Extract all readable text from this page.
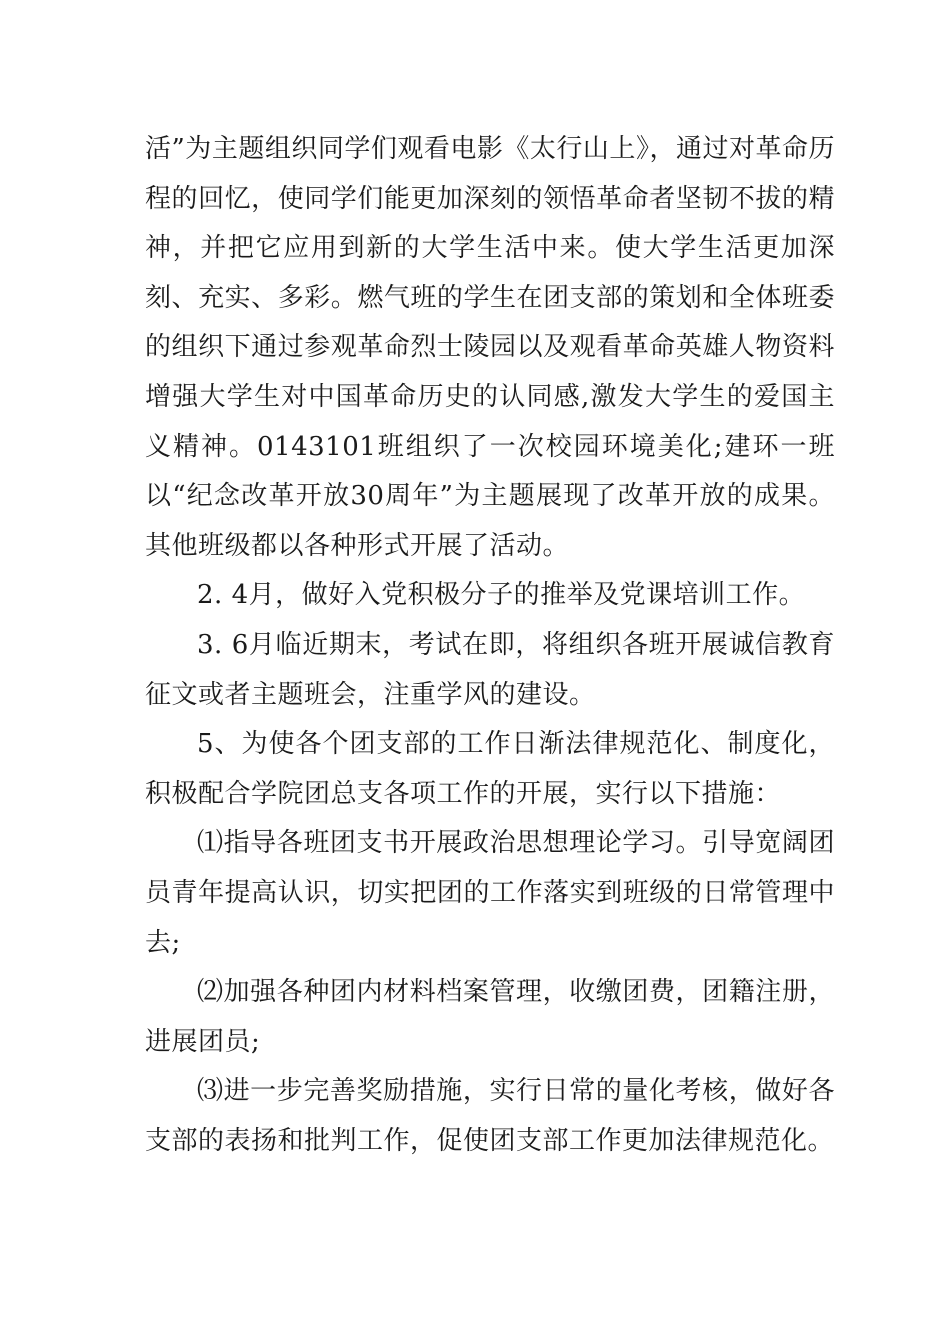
活”为主题组织同学们观看电影《太行山上》，通过对革命历程的回忆，使同学们能更加深刻的领悟革命者坚韧不拔的精神，并把它应用到新的大学生活中来。使大学生活更加深刻、充实、多彩。燃气班的学生在团支部的策划和全体班委的组织下通过参观革命烈士陵园以及观看革命英雄人物资料增强大学生对中国革命历史的认同感,激发大学生的爱国主义精神。0143101班组织了一次校园环境美化;建环一班以“纪念改革开放30周年”为主题展现了改革开放的成果。其他班级都以各种形式开展了活动。

2. 4月，做好入党积极分子的推举及党课培训工作。

3. 6月临近期末，考试在即，将组织各班开展诚信教育征文或者主题班会，注重学风的建设。

5、为使各个团支部的工作日渐法律规范化、制度化，积极配合学院团总支各项工作的开展，实行以下措施：

⑴指导各班团支书开展政治思想理论学习。引导宽阔团员青年提高认识，切实把团的工作落实到班级的日常管理中去;

⑵加强各种团内材料档案管理，收缴团费，团籍注册，进展团员;

⑶进一步完善奖励措施，实行日常的量化考核，做好各支部的表扬和批判工作，促使团支部工作更加法律规范化。
